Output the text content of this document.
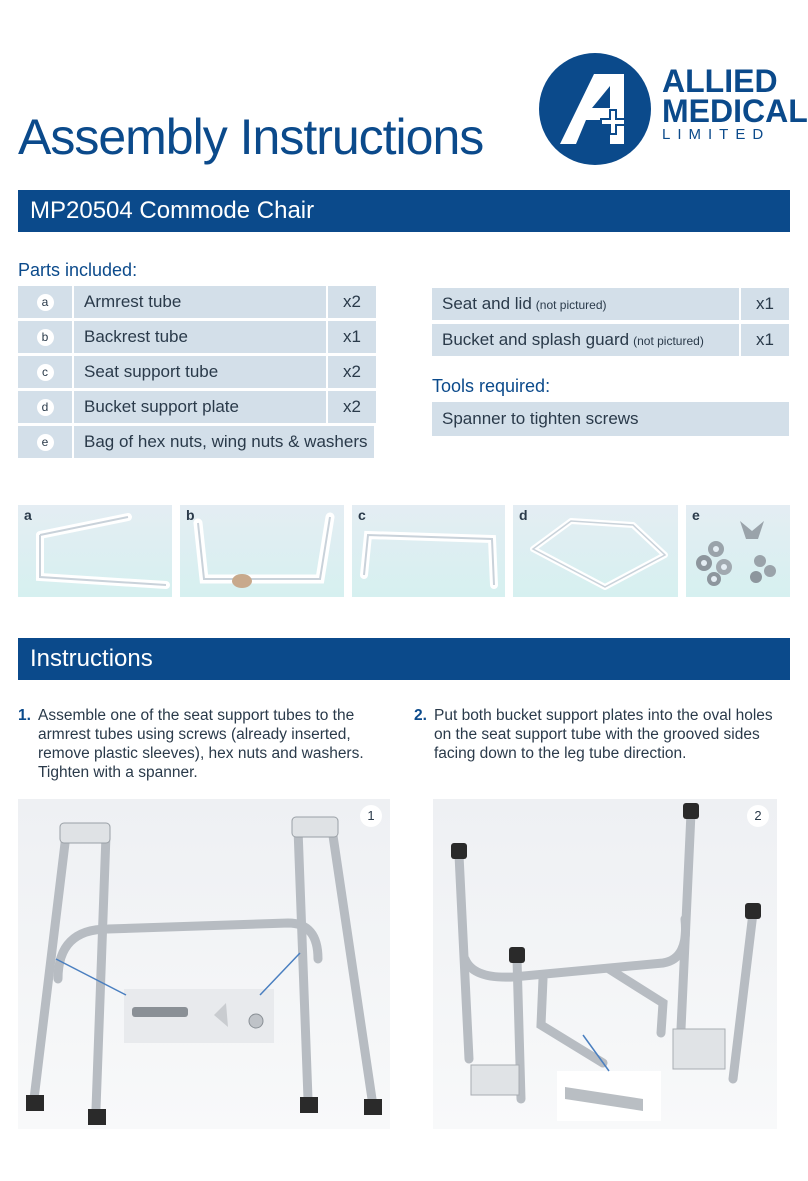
Assembly Instructions
ALLIED
MEDICAL
LIMITED
MP20504 Commode Chair
Parts included:
a	Armrest tube	x2
b	Backrest tube	x1
c	Seat support tube	x2
d	Bucket support plate	x2
e	Bag of hex nuts, wing nuts & washers
Seat and lid (not pictured)	x1
Bucket and splash guard (not pictured)	x1
Tools required:
Spanner to tighten screws
a	b	c	d	e
Instructions
1. Assemble one of the seat support tubes to the armrest tubes using screws (already inserted, remove plastic sleeves), hex nuts and washers. Tighten with a spanner.
2. Put both bucket support plates into the oval holes on the seat support tube with the grooved sides facing down to the leg tube direction.
1	2
